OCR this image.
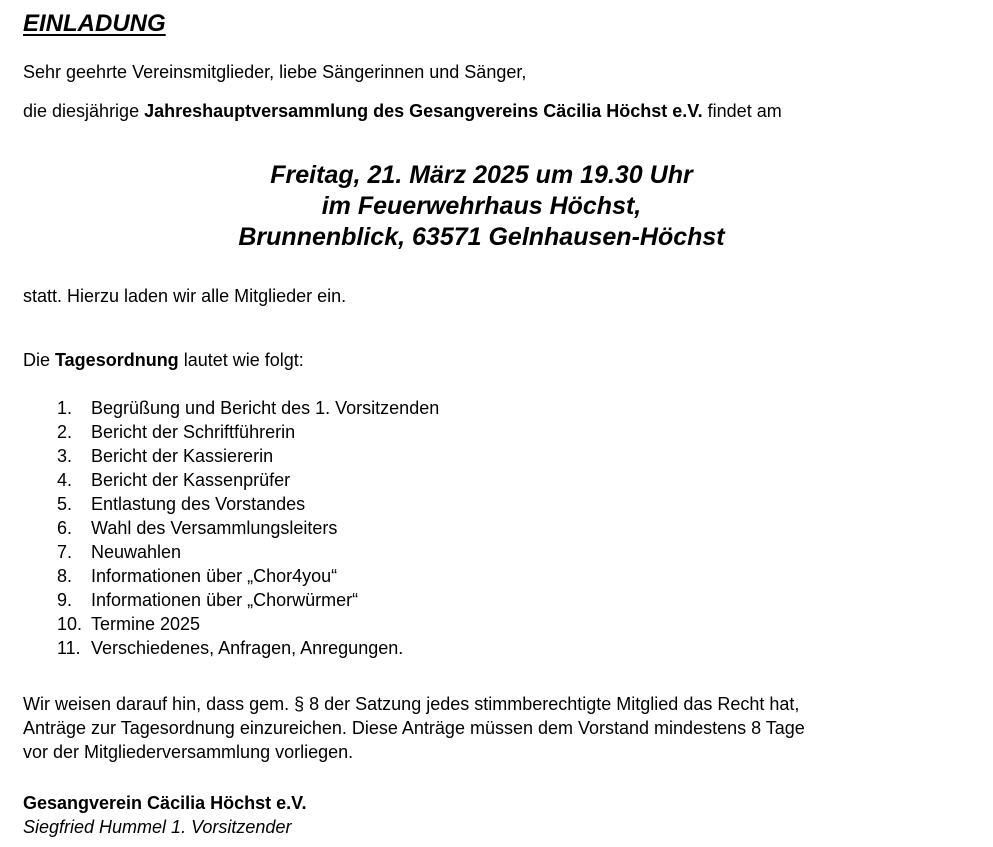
EINLADUNG
Sehr geehrte Vereinsmitglieder, liebe Sängerinnen und Sänger,
die diesjährige Jahreshauptversammlung des Gesangvereins Cäcilia Höchst e.V. findet am
Freitag, 21. März 2025 um 19.30 Uhr
im Feuerwehrhaus Höchst,
Brunnenblick, 63571 Gelnhausen-Höchst
statt. Hierzu laden wir alle Mitglieder ein.
Die Tagesordnung lautet wie folgt:
1. Begrüßung und Bericht des 1. Vorsitzenden
2. Bericht der Schriftführerin
3. Bericht der Kassiererin
4. Bericht der Kassenprüfer
5. Entlastung des Vorstandes
6. Wahl des Versammlungsleiters
7. Neuwahlen
8. Informationen über „Chor4you“
9. Informationen über „Chorwürmer“
10. Termine 2025
11. Verschiedenes, Anfragen, Anregungen.
Wir weisen darauf hin, dass gem. § 8 der Satzung jedes stimmberechtigte Mitglied das Recht hat,
Anträge zur Tagesordnung einzureichen. Diese Anträge müssen dem Vorstand mindestens 8 Tage
vor der Mitgliederversammlung vorliegen.
Gesangverein Cäcilia Höchst e.V.
Siegfried Hummel 1. Vorsitzender
